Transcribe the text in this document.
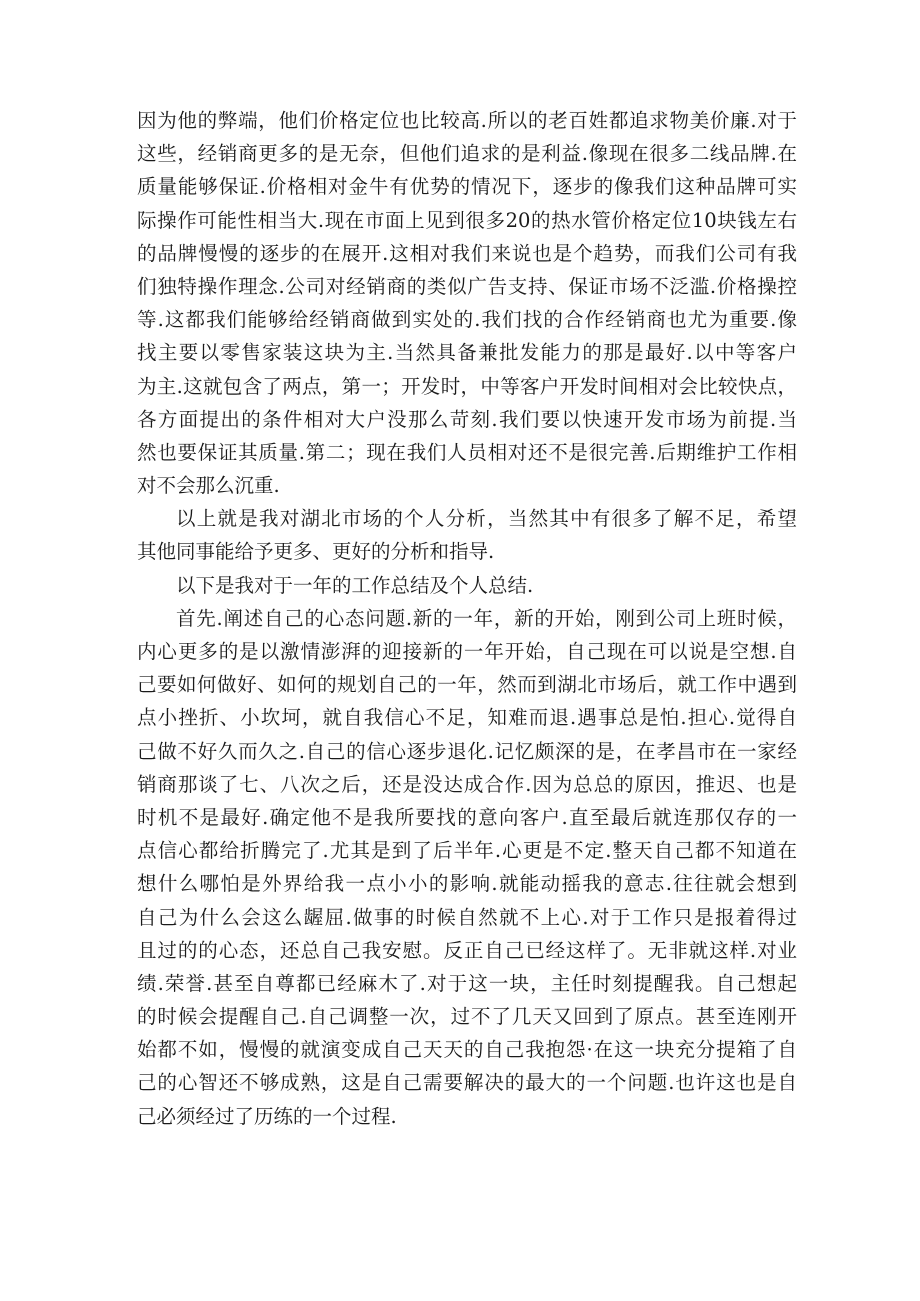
因为他的弊端，他们价格定位也比较高.所以的老百姓都追求物美价廉.对于
这些，经销商更多的是无奈，但他们追求的是利益.像现在很多二线品牌.在
质量能够保证.价格相对金牛有优势的情况下，逐步的像我们这种品牌可实
际操作可能性相当大.现在市面上见到很多20的热水管价格定位10块钱左右
的品牌慢慢的逐步的在展开.这相对我们来说也是个趋势，而我们公司有我
们独特操作理念.公司对经销商的类似广告支持、保证市场不泛滥.价格操控
等.这都我们能够给经销商做到实处的.我们找的合作经销商也尤为重要.像
找主要以零售家装这块为主.当然具备兼批发能力的那是最好.以中等客户
为主.这就包含了两点，第一；开发时，中等客户开发时间相对会比较快点，
各方面提出的条件相对大户没那么苛刻.我们要以快速开发市场为前提.当
然也要保证其质量.第二；现在我们人员相对还不是很完善.后期维护工作相
对不会那么沉重.
以上就是我对湖北市场的个人分析，当然其中有很多了解不足，希望
其他同事能给予更多、更好的分析和指导.
以下是我对于一年的工作总结及个人总结.
首先.阐述自己的心态问题.新的一年，新的开始，刚到公司上班时候，
内心更多的是以激情澎湃的迎接新的一年开始，自己现在可以说是空想.自
己要如何做好、如何的规划自己的一年，然而到湖北市场后，就工作中遇到
点小挫折、小坎坷，就自我信心不足，知难而退.遇事总是怕.担心.觉得自
己做不好久而久之.自己的信心逐步退化.记忆颇深的是，在孝昌市在一家经
销商那谈了七、八次之后，还是没达成合作.因为总总的原因，推迟、也是
时机不是最好.确定他不是我所要找的意向客户.直至最后就连那仅存的一
点信心都给折腾完了.尤其是到了后半年.心更是不定.整天自己都不知道在
想什么哪怕是外界给我一点小小的影响.就能动摇我的意志.往往就会想到
自己为什么会这么龌屈.做事的时候自然就不上心.对于工作只是报着得过
且过的的心态，还总自己我安慰。反正自己已经这样了。无非就这样.对业
绩.荣誉.甚至自尊都已经麻木了.对于这一块，主任时刻提醒我。自己想起
的时候会提醒自己.自己调整一次，过不了几天又回到了原点。甚至连刚开
始都不如，慢慢的就演变成自己天天的自己我抱怨·在这一块充分提箱了自
己的心智还不够成熟，这是自己需要解决的最大的一个问题.也许这也是自
己必须经过了历练的一个过程.
